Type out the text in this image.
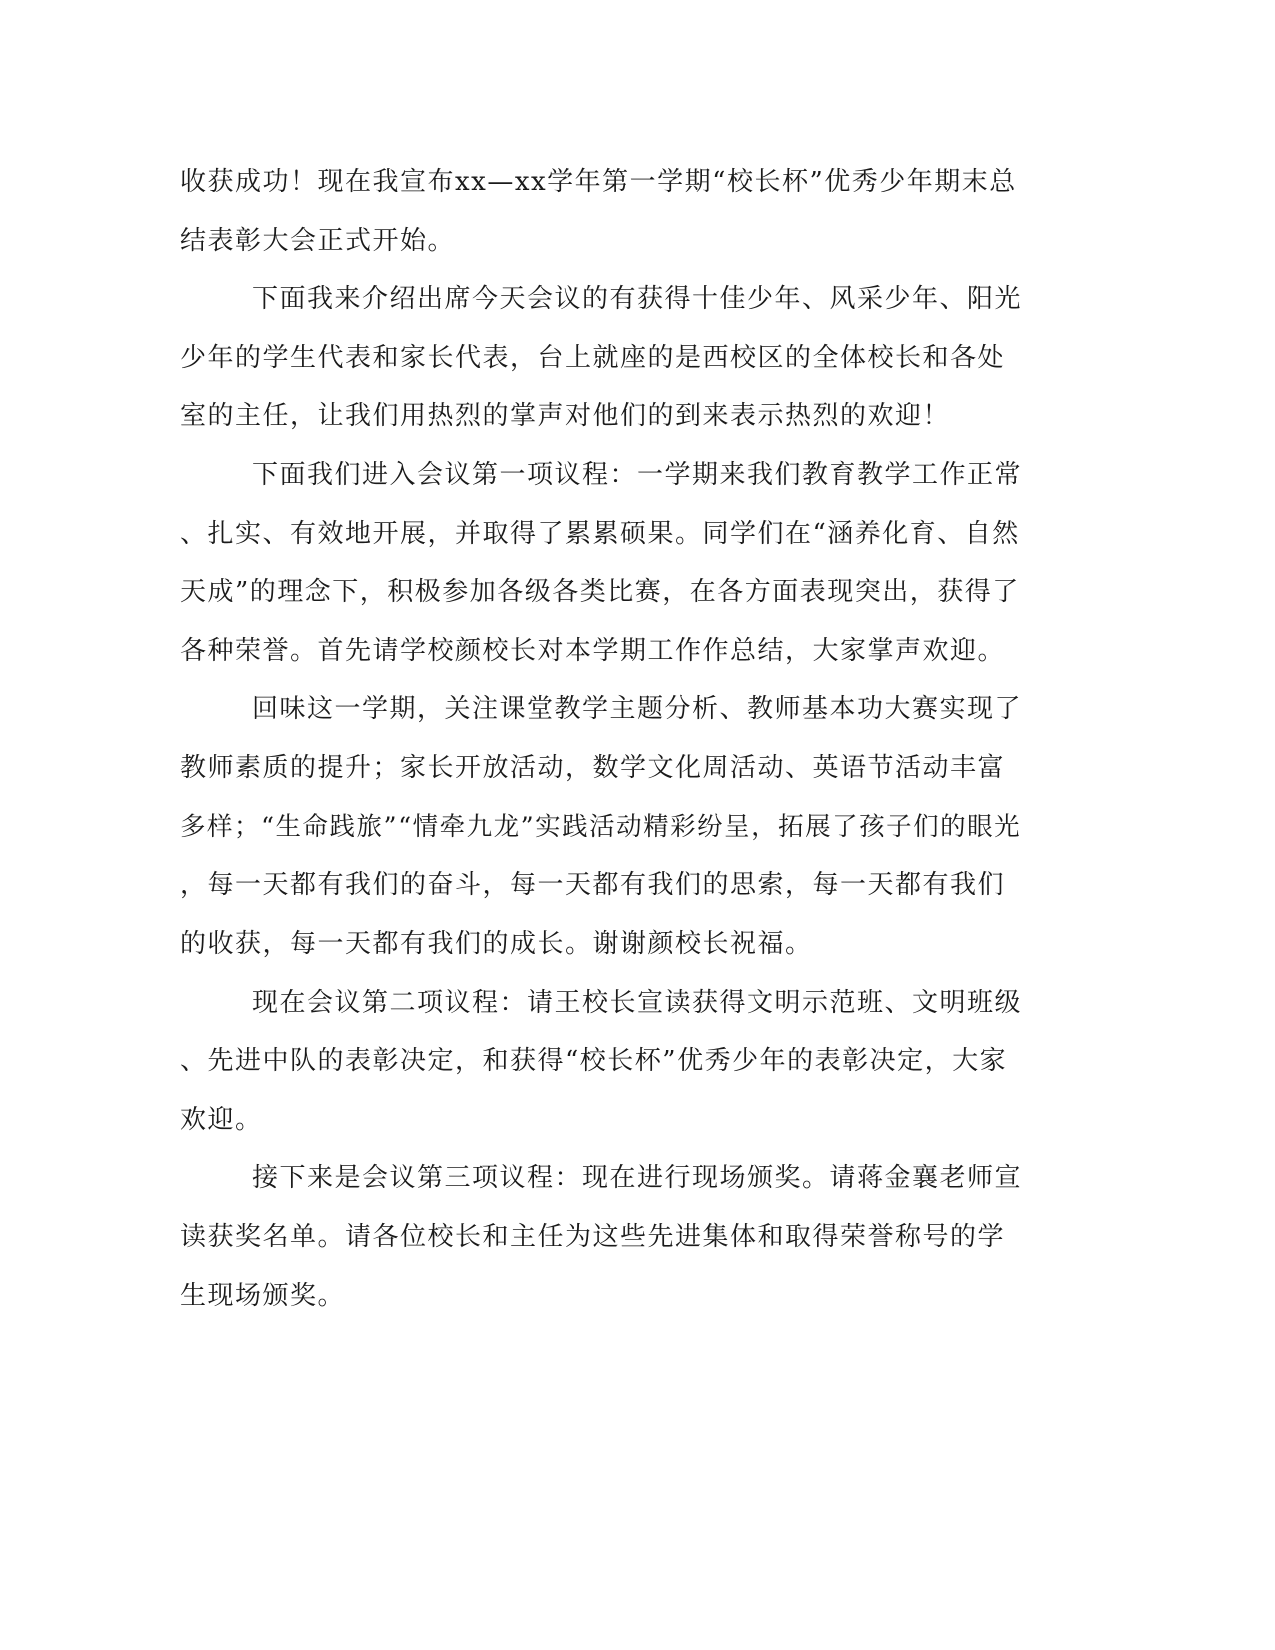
收获成功！现在我宣布xx—xx学年第一学期“校长杯”优秀少年期末总
结表彰大会正式开始。
下面我来介绍出席今天会议的有获得十佳少年、风采少年、阳光
少年的学生代表和家长代表，台上就座的是西校区的全体校长和各处
室的主任，让我们用热烈的掌声对他们的到来表示热烈的欢迎！
下面我们进入会议第一项议程：一学期来我们教育教学工作正常
、扎实、有效地开展，并取得了累累硕果。同学们在“涵养化育、自然
天成”的理念下，积极参加各级各类比赛，在各方面表现突出，获得了
各种荣誉。首先请学校颜校长对本学期工作作总结，大家掌声欢迎。
回味这一学期，关注课堂教学主题分析、教师基本功大赛实现了
教师素质的提升；家长开放活动，数学文化周活动、英语节活动丰富
多样；“生命践旅”“情牵九龙”实践活动精彩纷呈，拓展了孩子们的眼光
，每一天都有我们的奋斗，每一天都有我们的思索，每一天都有我们
的收获，每一天都有我们的成长。谢谢颜校长祝福。
现在会议第二项议程：请王校长宣读获得文明示范班、文明班级
、先进中队的表彰决定，和获得“校长杯”优秀少年的表彰决定，大家
欢迎。
接下来是会议第三项议程：现在进行现场颁奖。请蒋金襄老师宣
读获奖名单。请各位校长和主任为这些先进集体和取得荣誉称号的学
生现场颁奖。
